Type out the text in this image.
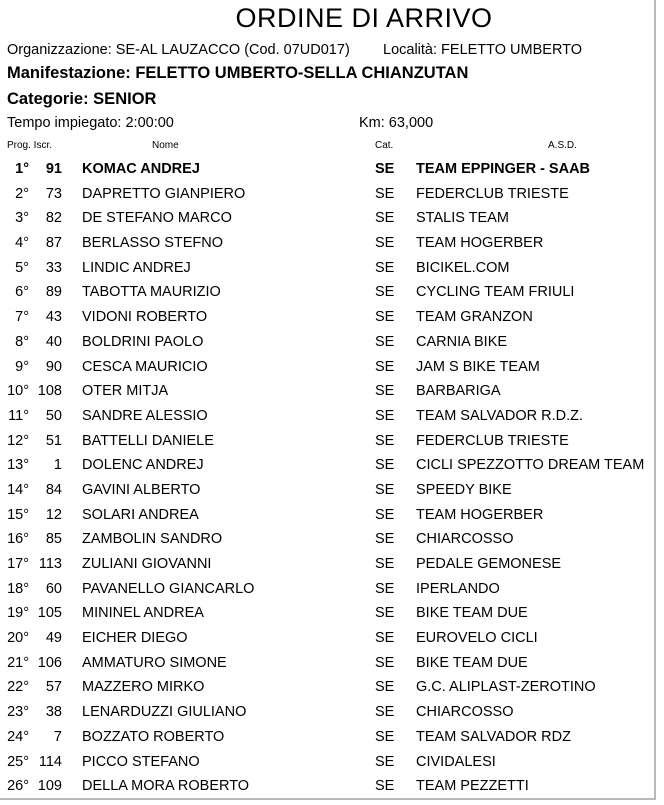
ORDINE DI ARRIVO
Organizzazione: SE-AL LAUZACCO (Cod. 07UD017) Località: FELETTO UMBERTO
Manifestazione: FELETTO UMBERTO-SELLA CHIANZUTAN
Categorie: SENIOR
Tempo impiegato: 2:00:00	Km: 63,000
Prog. Iscr.	Nome	Cat.	A.S.D.
1°	91 KOMAC ANDREJ	SE TEAM EPPINGER - SAAB
2°	73 DAPRETTO GIANPIERO	SE FEDERCLUB TRIESTE
3°	82 DE STEFANO MARCO	SE STALIS TEAM
4°	87 BERLASSO STEFNO	SE TEAM HOGERBER
5°	33 LINDIC ANDREJ	SE BICIKEL.COM
6°	89 TABOTTA MAURIZIO	SE CYCLING TEAM FRIULI
7°	43 VIDONI ROBERTO	SE TEAM GRANZON
8°	40 BOLDRINI PAOLO	SE CARNIA BIKE
9°	90 CESCA MAURICIO	SE JAM S BIKE TEAM
10° 108 OTER MITJA	SE BARBARIGA
11°	50 SANDRE ALESSIO	SE TEAM SALVADOR R.D.Z.
12°	51 BATTELLI DANIELE	SE FEDERCLUB TRIESTE
13°	1 DOLENC ANDREJ	SE CICLI SPEZZOTTO DREAM TEAM
14°	84 GAVINI ALBERTO	SE SPEEDY BIKE
15°	12 SOLARI ANDREA	SE TEAM HOGERBER
16°	85 ZAMBOLIN SANDRO	SE CHIARCOSSO
17° 113 ZULIANI GIOVANNI	SE PEDALE GEMONESE
18°	60 PAVANELLO GIANCARLO	SE IPERLANDO
19° 105 MININEL ANDREA	SE BIKE TEAM DUE
20°	49 EICHER DIEGO	SE EUROVELO CICLI
21° 106 AMMATURO SIMONE	SE BIKE TEAM DUE
22°	57 MAZZERO MIRKO	SE G.C. ALIPLAST-ZEROTINO
23°	38 LENARDUZZI GIULIANO	SE CHIARCOSSO
24°	7 BOZZATO ROBERTO	SE TEAM SALVADOR RDZ
25° 114 PICCO STEFANO	SE CIVIDALESI
26° 109 DELLA MORA ROBERTO	SE TEAM PEZZETTI
